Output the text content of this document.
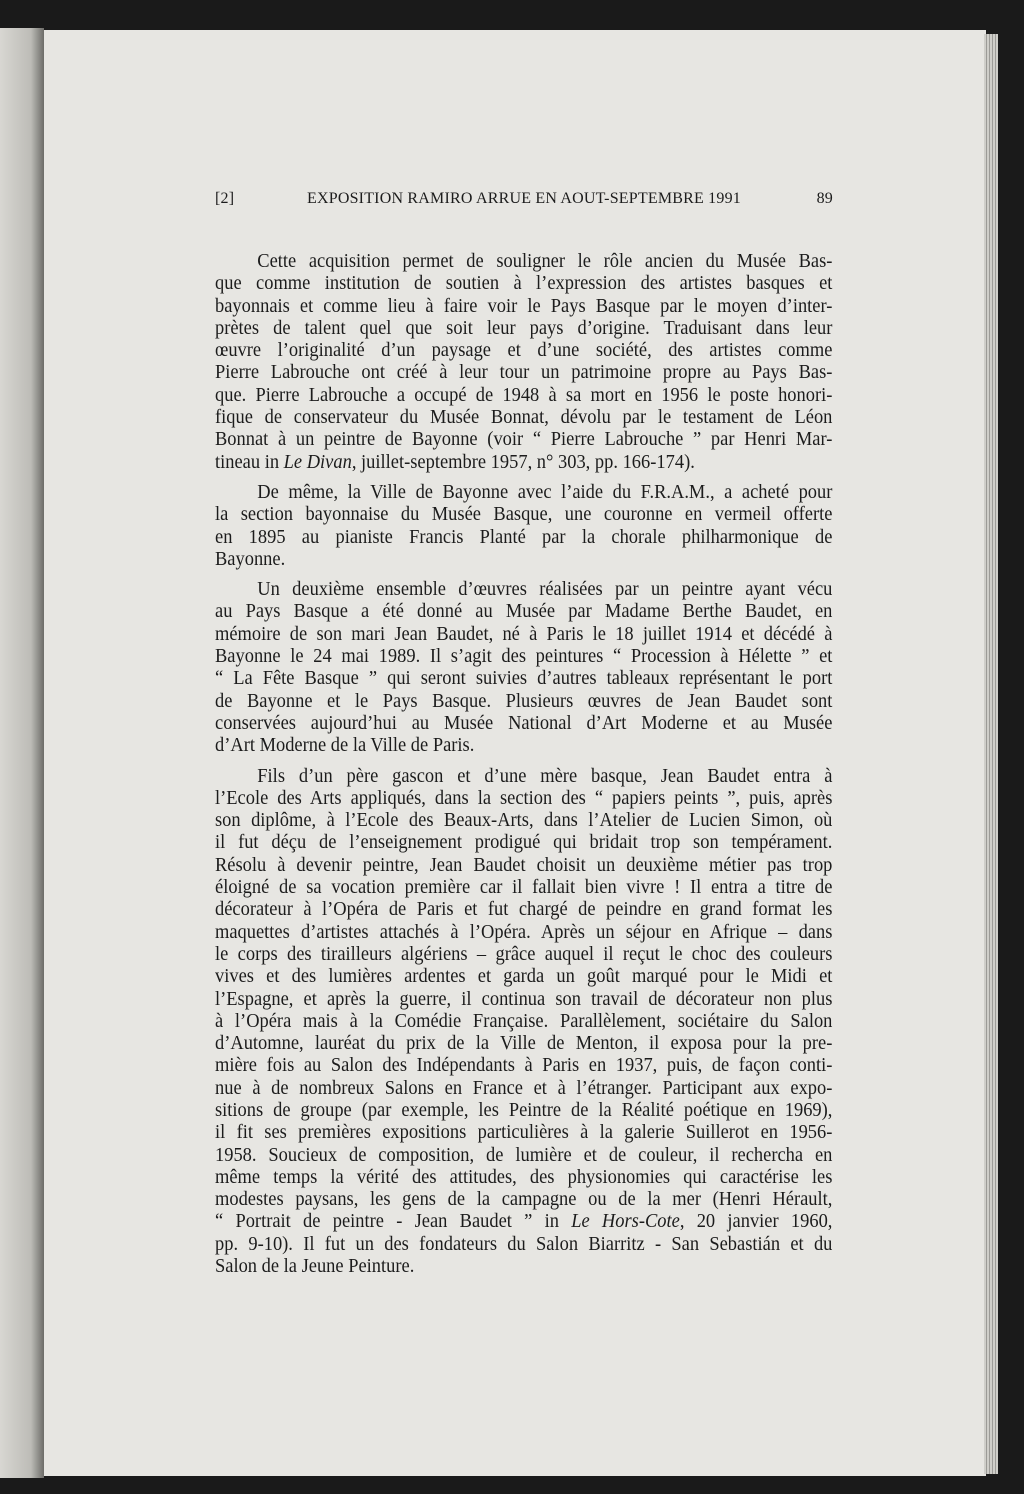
[2]	EXPOSITION RAMIRO ARRUE EN AOUT-SEPTEMBRE 1991	89
Cette acquisition permet de souligner le rôle ancien du Musée Bas-
que comme institution de soutien à l’expression des artistes basques et
bayonnais et comme lieu à faire voir le Pays Basque par le moyen d’inter-
prètes de talent quel que soit leur pays d’origine. Traduisant dans leur
œuvre l’originalité d’un paysage et d’une société, des artistes comme
Pierre Labrouche ont créé à leur tour un patrimoine propre au Pays Bas-
que. Pierre Labrouche a occupé de 1948 à sa mort en 1956 le poste honori-
fique de conservateur du Musée Bonnat, dévolu par le testament de Léon
Bonnat à un peintre de Bayonne (voir “ Pierre Labrouche ” par Henri Mar-
tineau in Le Divan, juillet-septembre 1957, n° 303, pp. 166-174).
De même, la Ville de Bayonne avec l’aide du F.R.A.M., a acheté pour
la section bayonnaise du Musée Basque, une couronne en vermeil offerte
en 1895 au pianiste Francis Planté par la chorale philharmonique de
Bayonne.
Un deuxième ensemble d’œuvres réalisées par un peintre ayant vécu
au Pays Basque a été donné au Musée par Madame Berthe Baudet, en
mémoire de son mari Jean Baudet, né à Paris le 18 juillet 1914 et décédé à
Bayonne le 24 mai 1989. Il s’agit des peintures “ Procession à Hélette ” et
“ La Fête Basque ” qui seront suivies d’autres tableaux représentant le port
de Bayonne et le Pays Basque. Plusieurs œuvres de Jean Baudet sont
conservées aujourd’hui au Musée National d’Art Moderne et au Musée
d’Art Moderne de la Ville de Paris.
Fils d’un père gascon et d’une mère basque, Jean Baudet entra à
l’Ecole des Arts appliqués, dans la section des “ papiers peints ”, puis, après
son diplôme, à l’Ecole des Beaux-Arts, dans l’Atelier de Lucien Simon, où
il fut déçu de l’enseignement prodigué qui bridait trop son tempérament.
Résolu à devenir peintre, Jean Baudet choisit un deuxième métier pas trop
éloigné de sa vocation première car il fallait bien vivre ! Il entra a titre de
décorateur à l’Opéra de Paris et fut chargé de peindre en grand format les
maquettes d’artistes attachés à l’Opéra. Après un séjour en Afrique – dans
le corps des tirailleurs algériens – grâce auquel il reçut le choc des couleurs
vives et des lumières ardentes et garda un goût marqué pour le Midi et
l’Espagne, et après la guerre, il continua son travail de décorateur non plus
à l’Opéra mais à la Comédie Française. Parallèlement, sociétaire du Salon
d’Automne, lauréat du prix de la Ville de Menton, il exposa pour la pre-
mière fois au Salon des Indépendants à Paris en 1937, puis, de façon conti-
nue à de nombreux Salons en France et à l’étranger. Participant aux expo-
sitions de groupe (par exemple, les Peintre de la Réalité poétique en 1969),
il fit ses premières expositions particulières à la galerie Suillerot en 1956-
1958. Soucieux de composition, de lumière et de couleur, il rechercha en
même temps la vérité des attitudes, des physionomies qui caractérise les
modestes paysans, les gens de la campagne ou de la mer (Henri Hérault,
“ Portrait de peintre - Jean Baudet ” in Le Hors-Cote, 20 janvier 1960,
pp. 9-10). Il fut un des fondateurs du Salon Biarritz - San Sebastián et du
Salon de la Jeune Peinture.
